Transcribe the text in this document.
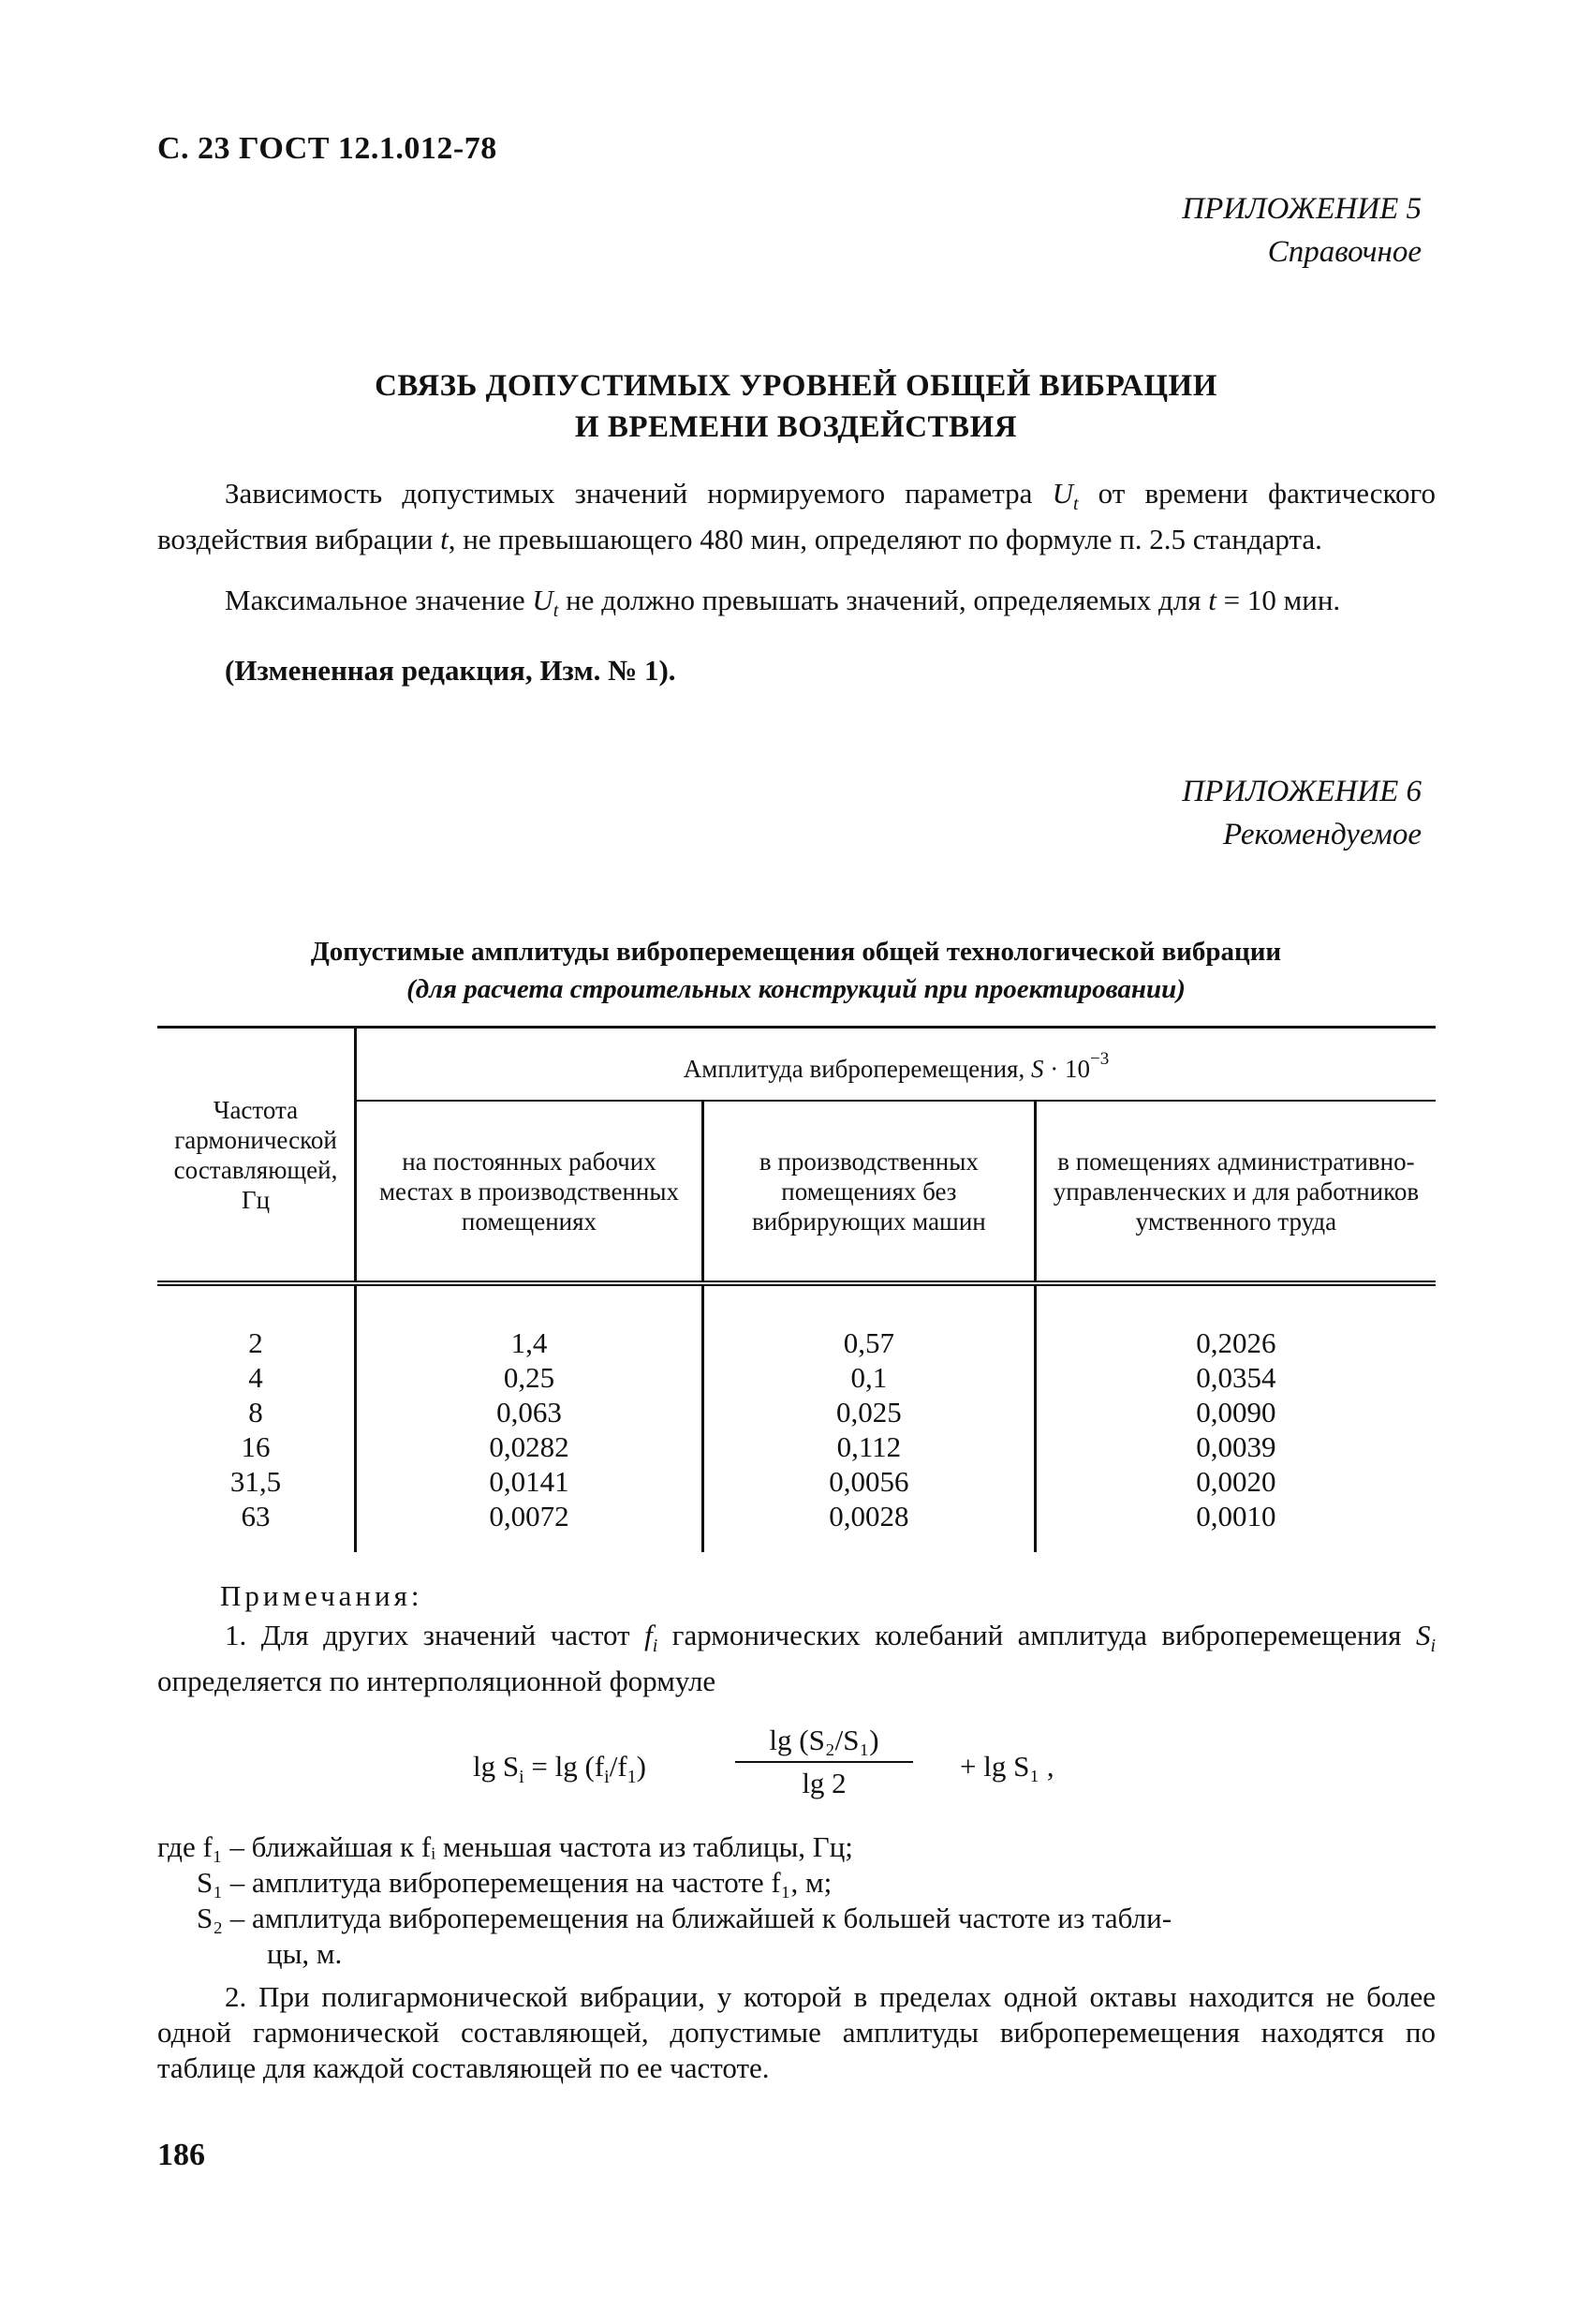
С. 23 ГОСТ 12.1.012-78
ПРИЛОЖЕНИЕ 5
Справочное
СВЯЗЬ ДОПУСТИМЫХ УРОВНЕЙ ОБЩЕЙ ВИБРАЦИИ
И ВРЕМЕНИ ВОЗДЕЙСТВИЯ
Зависимость допустимых значений нормируемого параметра $U_t$ от времени фактического воздействия вибрации t, не превышающего 480 мин, определяют по формуле п. 2.5 стандарта.
Максимальное значение $U_t$ не должно превышать значений, определяемых для t = 10 мин.
(Измененная редакция, Изм. № 1).
ПРИЛОЖЕНИЕ 6
Рекомендуемое
Допустимые амплитуды виброперемещения общей технологической вибрации
(для расчета строительных конструкций при проектировании)
Частота гармонической составляющей, Гц	Амплитуда виброперемещения, $S \cdot 10^{-3}$
	на постоянных рабочих местах в производственных помещениях	в производственных помещениях без вибрирующих машин	в помещениях административно-управленческих и для работников умственного труда
2	1,4	0,57	0,2026
4	0,25	0,1	0,0354
8	0,063	0,025	0,0090
16	0,0282	0,112	0,0039
31,5	0,0141	0,0056	0,0020
63	0,0072	0,0028	0,0010
Примечания:
1. Для других значений частот $f_i$ гармонических колебаний амплитуда виброперемещения $S_i$ определяется по интерполяционной формуле
$\lg S_i = \lg (f_i/f_1)$
lg (S₂/S₁)
lg 2
+ lg S₁ ,
где f₁ – ближайшая к fᵢ меньшая частота из таблицы, Гц;
S₁ – амплитуда виброперемещения на частоте f₁, м;
S₂ – амплитуда виброперемещения на ближайшей к большей частоте из табли-
цы, м.
2. При полигармонической вибрации, у которой в пределах одной октавы находится не более одной гармонической составляющей, допустимые амплитуды виброперемещения находятся по таблице для каждой составляющей по ее частоте.
186
